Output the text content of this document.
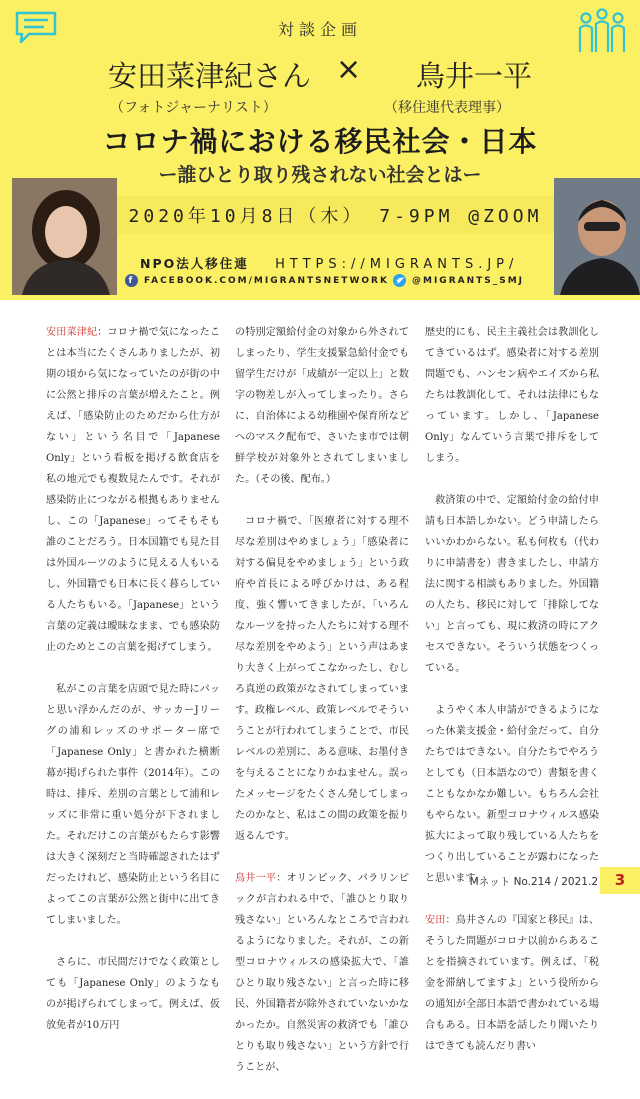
対談企画
安田菜津紀さん × 鳥井一平
（フォトジャーナリスト）	（移住連代表理事）
コロナ禍における移民社会・日本
ー誰ひとり取り残されない社会とはー
2020年10月8日（木） 7-9PM @ZOOM
NPO法人移住連 HTTPS://MIGRANTS.JP/
f	FACEBOOK.COM/MIGRANTSNETWORK	@MIGRANTS_SMJ

安田菜津紀：コロナ禍で気になったことは本当にたくさんありましたが、初期の頃から気になっていたのが街の中に公然と排斥の言葉が増えたこと。例えば、「感染防止のためだから仕方がない」という名目で「Japanese Only」という看板を掲げる飲食店を私の地元でも複数見たんです。それが感染防止につながる根拠もありませんし、この「Japanese」ってそもそも誰のことだろう。日本国籍でも見た目は外国ルーツのように見える人もいるし、外国籍でも日本に長く暮らしている人たちもいる。「Japanese」という言葉の定義は曖昧なまま、でも感染防止のためとこの言葉を掲げてしまう。

私がこの言葉を店頭で見た時にパッと思い浮かんだのが、サッカーJリーグの浦和レッズのサポーター席で「Japanese Only」と書かれた横断幕が掲げられた事件（2014年）。この時は、排斥、差別の言葉として浦和レッズに非常に重い処分が下されました。それだけこの言葉がもたらす影響は大きく深刻だと当時確認されたはずだったけれど、感染防止という名目によってこの言葉が公然と街中に出てきてしまいました。

さらに、市民間だけでなく政策としても「Japanese Only」のようなものが掲げられてしまって。例えば、仮放免者が10万円

の特別定額給付金の対象から外されてしまったり、学生支援緊急給付金でも留学生だけが「成績が一定以上」と数字の物差しが入ってしまったり。さらに、自治体による幼稚園や保育所などへのマスク配布で、さいたま市では朝鮮学校が対象外とされてしまいました。（その後、配布。）

コロナ禍で、「医療者に対する理不尽な差別はやめましょう」「感染者に対する偏見をやめましょう」という政府や首長による呼びかけは、ある程度、強く響いてきましたが、「いろんなルーツを持った人たちに対する理不尽な差別をやめよう」という声はあまり大きく上がってこなかったし、むしろ真逆の政策がなされてしまっています。政権レベル、政策レベルでそういうことが行われてしまうことで、市民レベルの差別に、ある意味、お墨付きを与えることになりかねません。誤ったメッセージをたくさん発してしまったのかなと、私はこの間の政策を振り返るんです。

鳥井一平：オリンピック、パラリンピックが言われる中で、「誰ひとり取り残さない」といろんなところで言われるようになりました。それが、この新型コロナウィルスの感染拡大で、「誰ひとり取り残さない」と言った時に移民、外国籍者が除外されていないかなかったか。自然災害の救済でも「誰ひとりも取り残さない」という方針で行うことが、

歴史的にも、民主主義社会は教訓化してきているはず。感染者に対する差別問題でも、ハンセン病やエイズから私たちは教訓化して、それは法律にもなっています。しかし、「Japanese Only」なんていう言葉で排斥をしてしまう。

救済策の中で、定額給付金の給付申請も日本語しかない。どう申請したらいいかわからない。私も何枚も（代わりに申請書を）書きましたし、申請方法に関する相談もありました。外国籍の人たち、移民に対して「排除してない」と言っても、現に救済の時にアクセスできない。そういう状態をつくっている。

ようやく本人申請ができるようになった休業支援金・給付金だって、自分たちではできない。自分たちでやろうとしても（日本語なので）書類を書くこともなかなか難しい。もちろん会社もやらない。新型コロナウィルス感染拡大によって取り残している人たちをつくり出していることが露わになったと思います。

安田：鳥井さんの『国家と移民』は、そうした問題がコロナ以前からあることを指摘されています。例えば、「税金を滞納してますよ」という役所からの通知が全部日本語で書かれている場合もある。日本語を話したり聞いたりはできても読んだり書い

Mネット No.214 / 2021.2	3
